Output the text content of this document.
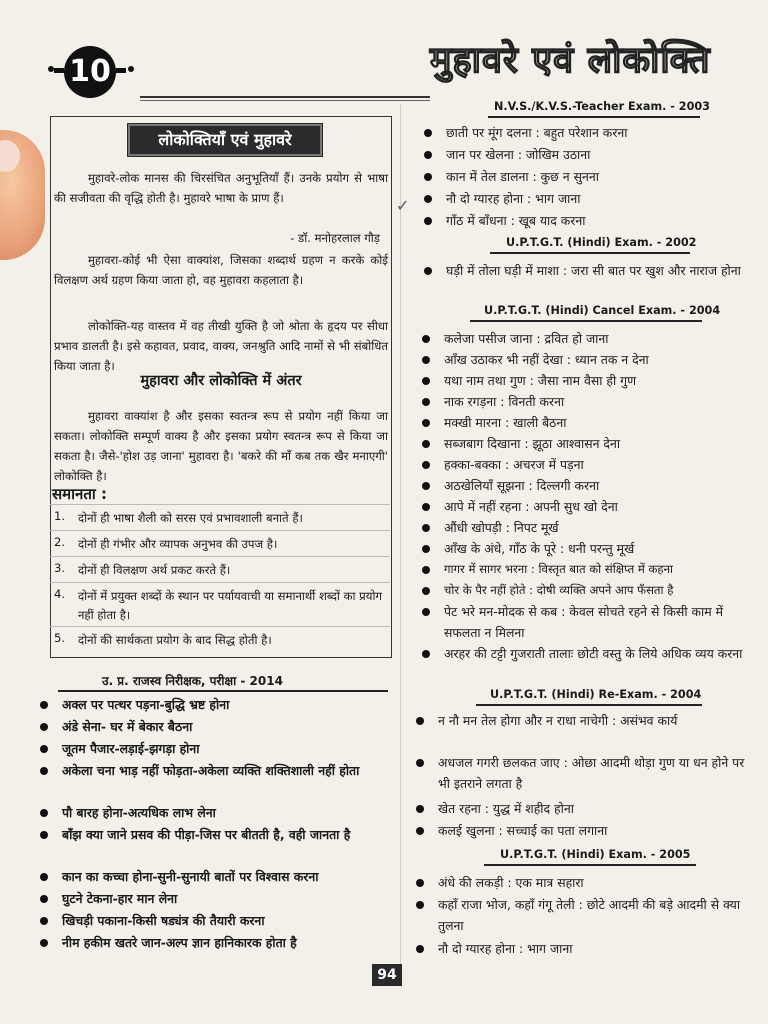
10	मुहावरे एवं लोकोक्ति
लोकोक्तियाँ एवं मुहावरे

मुहावरे-लोक मानस की चिरसंचित अनुभूतियाँ हैं। उनके प्रयोग से भाषा की सजीवता की वृद्धि होती है। मुहावरे भाषा के प्राण हैं।

- डॉ. मनोहरलाल गौड़

मुहावरा-कोई भी ऐसा वाक्यांश, जिसका शब्दार्थ ग्रहण न करके कोई विलक्षण अर्थ ग्रहण किया जाता हो, वह मुहावरा कहलाता है।

लोकोक्ति-यह वास्तव में वह तीखी युक्ति है जो श्रोता के हृदय पर सीधा प्रभाव डालती है। इसे कहावत, प्रवाद, वाक्य, जनश्रुति आदि नामों से भी संबोधित किया जाता है।

मुहावरा और लोकोक्ति में अंतर

मुहावरा वाक्यांश है और इसका स्वतन्त्र रूप से प्रयोग नहीं किया जा सकता। लोकोक्ति सम्पूर्ण वाक्य है और इसका प्रयोग स्वतन्त्र रूप से किया जा सकता है। जैसे-'होश उड़ जाना' मुहावरा है। 'बकरे की माँ कब तक खैर मनाएगी' लोकोक्ति है।

समानता :
1. दोनों ही भाषा शैली को सरस एवं प्रभावशाली बनाते हैं।
2. दोनों ही गंभीर और व्यापक अनुभव की उपज है।
3. दोनों ही विलक्षण अर्थ प्रकट करते हैं।
4. दोनों में प्रयुक्त शब्दों के स्थान पर पर्यायवाची या समानार्थी शब्दों का प्रयोग नहीं होता है।
5. दोनों की सार्थकता प्रयोग के बाद सिद्ध होती है।
उ. प्र. राजस्व निरीक्षक, परीक्षा - 2014
अक्ल पर पत्थर पड़ना-बुद्धि भ्रष्ट होना
अंडे सेना- घर में बेकार बैठना
जूतम पैजार-लड़ाई-झगड़ा होना
अकेला चना भाड़ नहीं फोड़ता-अकेला व्यक्ति शक्तिशाली नहीं होता
पौ बारह होना-अत्यधिक लाभ लेना
बाँझ क्या जाने प्रसव की पीड़ा-जिस पर बीतती है, वही जानता है
कान का कच्चा होना-सुनी-सुनायी बातों पर विश्वास करना
घुटने टेकना-हार मान लेना
खिचड़ी पकाना-किसी षड्यंत्र की तैयारी करना
नीम हकीम खतरे जान-अल्प ज्ञान हानिकारक होता है
N.V.S./K.V.S.-Teacher Exam. - 2003
छाती पर मूंग दलना : बहुत परेशान करना
जान पर खेलना : जोखिम उठाना
कान में तेल डालना : कुछ न सुनना
नौ दो ग्यारह होना : भाग जाना
✓
गाँठ में बाँधना : खूब याद करना
U.P.T.G.T. (Hindi) Exam. - 2002
घड़ी में तोला घड़ी में माशा : जरा सी बात पर खुश और नाराज होना
U.P.T.G.T. (Hindi) Cancel Exam. - 2004
कलेजा पसीज जाना : द्रवित हो जाना
आँख उठाकर भी नहीं देखा : ध्यान तक न देना
यथा नाम तथा गुण : जैसा नाम वैसा ही गुण
नाक रगड़ना : विनती करना
मक्खी मारना : खाली बैठना
सब्जबाग दिखाना : झूठा आश्वासन देना
हक्का-बक्का : अचरज में पड़ना
अठखेलियाँ सूझना : दिल्लगी करना
आपे में नहीं रहना : अपनी सुध खो देना
औंधी खोपड़ी : निपट मूर्ख
आँख के अंधे, गाँठ के पूरे : धनी परन्तु मूर्ख
गागर में सागर भरना : विस्तृत बात को संक्षिप्त में कहना
चोर के पैर नहीं होते : दोषी व्यक्ति अपने आप फँसता है
पेट भरे मन-मोदक से कब : केवल सोचते रहने से किसी काम में सफलता न मिलना
अरहर की टट्टी गुजराती तालाः छोटी वस्तु के लिये अधिक व्यय करना
U.P.T.G.T. (Hindi) Re-Exam. - 2004
न नौ मन तेल होगा और न राधा नाचेगी : असंभव कार्य
अधजल गगरी छलकत जाए : ओछा आदमी थोड़ा गुण या धन होने पर भी इतराने लगता है
खेत रहना : युद्ध में शहीद होना
कलई खुलना : सच्चाई का पता लगाना
U.P.T.G.T. (Hindi) Exam. - 2005
अंधे की लकड़ी : एक मात्र सहारा
कहाँ राजा भोज, कहाँ गंगू तेली : छोटे आदमी की बड़े आदमी से क्या तुलना
नौ दो ग्यारह होना : भाग जाना
94
